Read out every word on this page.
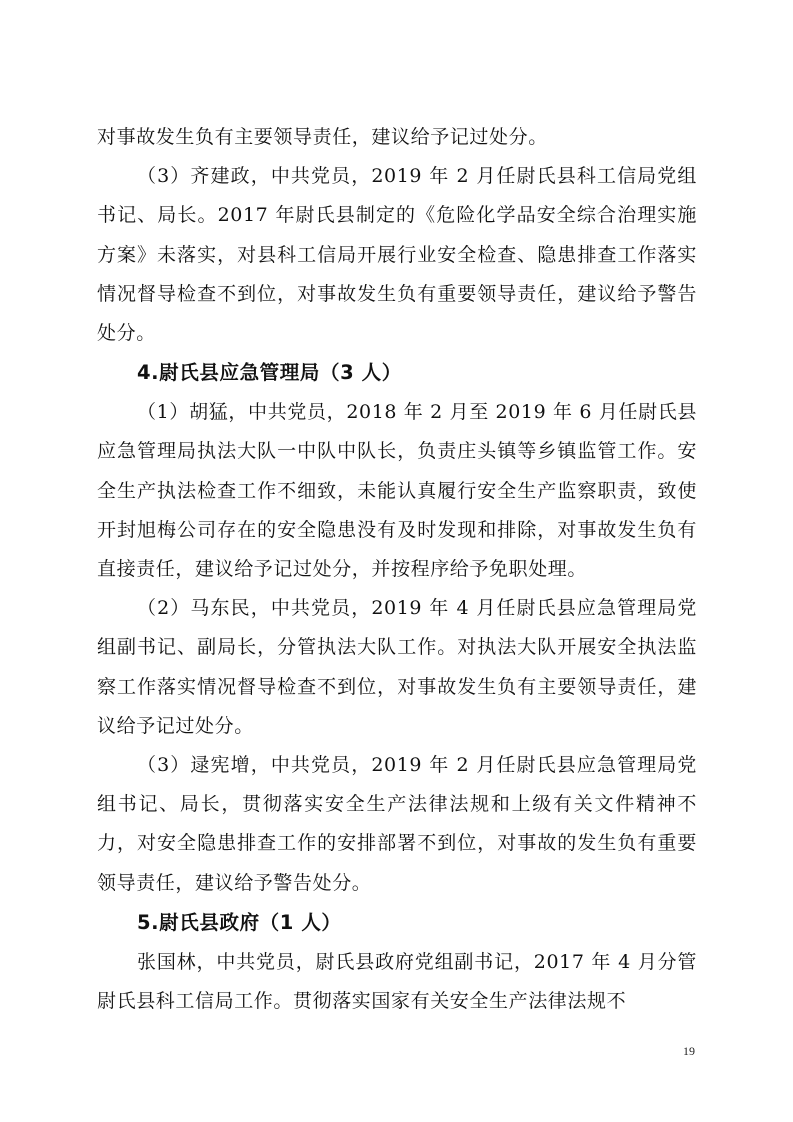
对事故发生负有主要领导责任，建议给予记过处分。

（3）齐建政，中共党员，2019 年 2 月任尉氏县科工信局党组书记、局长。2017 年尉氏县制定的《危险化学品安全综合治理实施方案》未落实，对县科工信局开展行业安全检查、隐患排查工作落实情况督导检查不到位，对事故发生负有重要领导责任，建议给予警告处分。

4.尉氏县应急管理局（3 人）

（1）胡猛，中共党员，2018 年 2 月至 2019 年 6 月任尉氏县应急管理局执法大队一中队中队长，负责庄头镇等乡镇监管工作。安全生产执法检查工作不细致，未能认真履行安全生产监察职责，致使开封旭梅公司存在的安全隐患没有及时发现和排除，对事故发生负有直接责任，建议给予记过处分，并按程序给予免职处理。

（2）马东民，中共党员，2019 年 4 月任尉氏县应急管理局党组副书记、副局长，分管执法大队工作。对执法大队开展安全执法监察工作落实情况督导检查不到位，对事故发生负有主要领导责任，建议给予记过处分。

（3）逯宪增，中共党员，2019 年 2 月任尉氏县应急管理局党组书记、局长，贯彻落实安全生产法律法规和上级有关文件精神不力，对安全隐患排查工作的安排部署不到位，对事故的发生负有重要领导责任，建议给予警告处分。

5.尉氏县政府（1 人）

张国林，中共党员，尉氏县政府党组副书记，2017 年 4 月分管尉氏县科工信局工作。贯彻落实国家有关安全生产法律法规不

19
